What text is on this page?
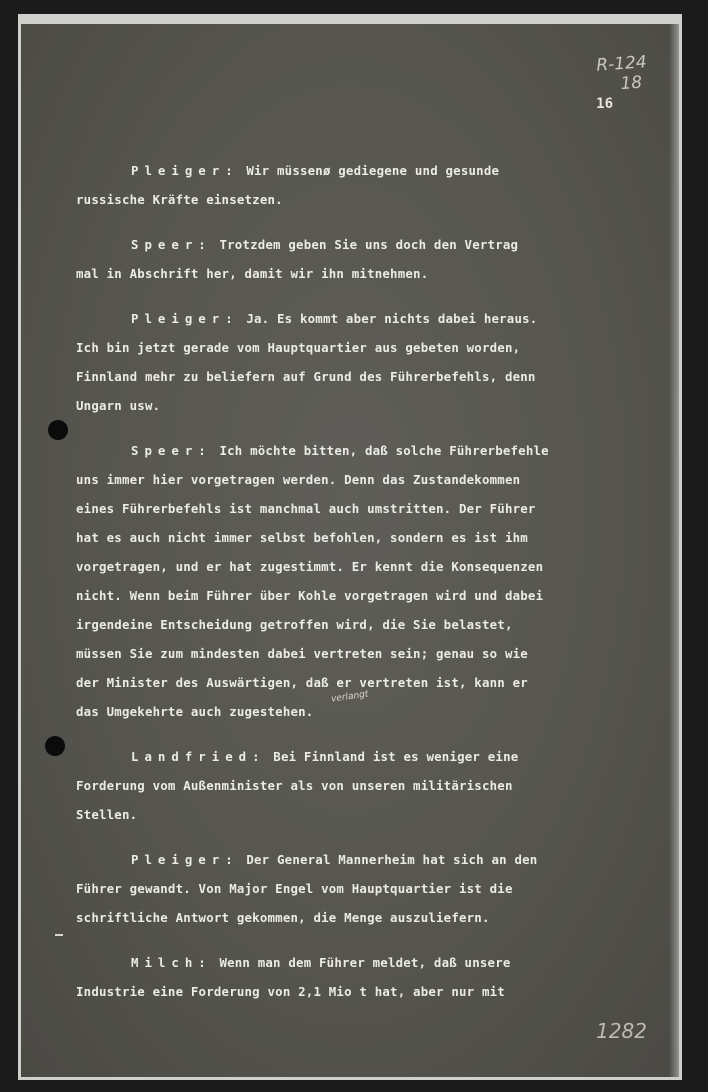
R-124
18
16

Pleiger: Wir müssenø gediegene und gesunde
russische Kräfte einsetzen.

Speer: Trotzdem geben Sie uns doch den Vertrag
mal in Abschrift her, damit wir ihn mitnehmen.

Pleiger: Ja. Es kommt aber nichts dabei heraus.
Ich bin jetzt gerade vom Hauptquartier aus gebeten worden,
Finnland mehr zu beliefern auf Grund des Führerbefehls, denn
Ungarn usw.

Speer: Ich möchte bitten, daß solche Führerbefehle
uns immer hier vorgetragen werden. Denn das Zustandekommen
eines Führerbefehls ist manchmal auch umstritten. Der Führer
hat es auch nicht immer selbst befohlen, sondern es ist ihm
vorgetragen, und er hat zugestimmt. Er kennt die Konsequenzen
nicht. Wenn beim Führer über Kohle vorgetragen wird und dabei
irgendeine Entscheidung getroffen wird, die Sie belastet,
müssen Sie zum mindesten dabei vertreten sein; genau so wie
der Minister des Auswärtigen, daß er vertreten ist, kann er
das Umgekehrte auch zugestehen.

Landfried: Bei Finnland ist es weniger eine
Forderung vom Außenminister als von unseren militärischen
Stellen.

Pleiger: Der General Mannerheim hat sich an den
Führer gewandt. Von Major Engel vom Hauptquartier ist die
schriftliche Antwort gekommen, die Menge auszuliefern.

Milch: Wenn man dem Führer meldet, daß unsere
Industrie eine Forderung von 2,1 Mio t hat, aber nur mit

verlangt
1282
